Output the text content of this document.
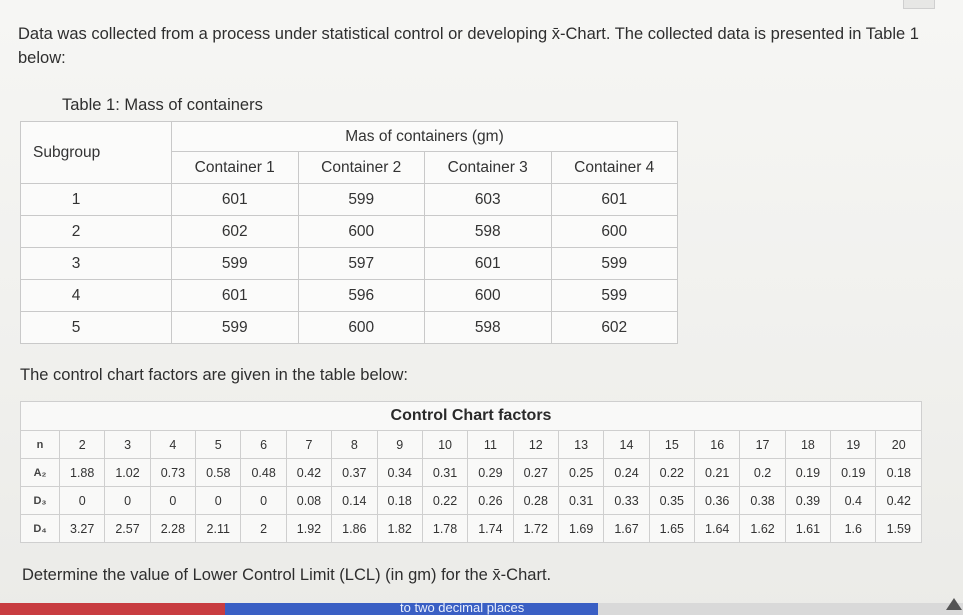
Data was collected from a process under statistical control or developing x̄-Chart. The collected data is presented in Table 1 below:
Table 1: Mass of containers
Subgroup	Mas of containers (gm)			
	Container 1	Container 2	Container 3	Container 4
1	601	599	603	601
2	602	600	598	600
3	599	597	601	599
4	601	596	600	599
5	599	600	598	602
The control chart factors are given in the table below:
Control Chart factors																			
n	2	3	4	5	6	7	8	9	10	11	12	13	14	15	16	17	18	19	20
A₂	1.88	1.02	0.73	0.58	0.48	0.42	0.37	0.34	0.31	0.29	0.27	0.25	0.24	0.22	0.21	0.2	0.19	0.19	0.18
D₃	0	0	0	0	0	0.08	0.14	0.18	0.22	0.26	0.28	0.31	0.33	0.35	0.36	0.38	0.39	0.4	0.42
D₄	3.27	2.57	2.28	2.11	2	1.92	1.86	1.82	1.78	1.74	1.72	1.69	1.67	1.65	1.64	1.62	1.61	1.6	1.59
Determine the value of Lower Control Limit (LCL) (in gm) for the x̄-Chart.
to two decimal places
